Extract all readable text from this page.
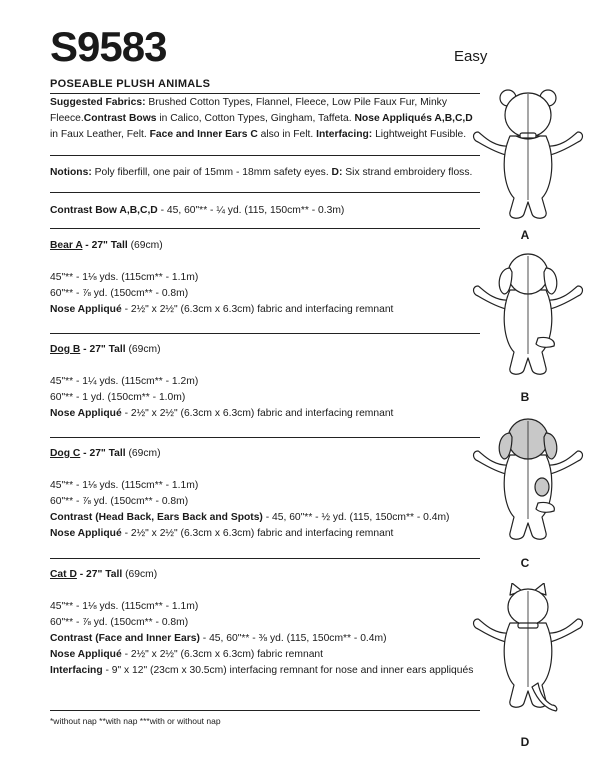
S9583	Easy
POSEABLE PLUSH ANIMALS

Suggested Fabrics: Brushed Cotton Types, Flannel, Fleece, Low Pile Faux Fur, Minky Fleece.Contrast Bows in Calico, Cotton Types, Gingham, Taffeta. Nose Appliqués A,B,C,D in Faux Leather, Felt. Face and Inner Ears C also in Felt. Interfacing: Lightweight Fusible.

Notions: Poly fiberfill, one pair of 15mm - 18mm safety eyes. D: Six strand embroidery floss.

Contrast Bow A,B,C,D - 45, 60"** - ¼ yd. (115, 150cm** - 0.3m)

Bear A - 27" Tall (69cm)

45"** - 1⅛ yds. (115cm** - 1.1m)

60"** - ⅞ yd. (150cm** - 0.8m)

Nose Appliqué - 2½" x 2½" (6.3cm x 6.3cm) fabric and interfacing remnant

Dog B - 27" Tall (69cm)

45"** - 1¼ yds. (115cm** - 1.2m)

60"** - 1 yd. (150cm** - 1.0m)

Nose Appliqué - 2½" x 2½" (6.3cm x 6.3cm) fabric and interfacing remnant

Dog C - 27" Tall (69cm)

45"** - 1⅛ yds. (115cm** - 1.1m)

60"** - ⅞ yd. (150cm** - 0.8m)

Contrast (Head Back, Ears Back and Spots) - 45, 60"** - ½ yd. (115, 150cm** - 0.4m)

Nose Appliqué - 2½" x 2½" (6.3cm x 6.3cm) fabric and interfacing remnant

Cat D - 27" Tall (69cm)

45"** - 1⅛ yds. (115cm** - 1.1m)

60"** - ⅞ yd. (150cm** - 0.8m)

Contrast (Face and Inner Ears) - 45, 60"** - ⅜ yd. (115, 150cm** - 0.4m)

Nose Appliqué - 2½" x 2½" (6.3cm x 6.3cm) fabric remnant

Interfacing - 9" x 12" (23cm x 30.5cm) interfacing remnant for nose and inner ears appliqués

*without nap **with nap ***with or without nap
A
B
C
D
